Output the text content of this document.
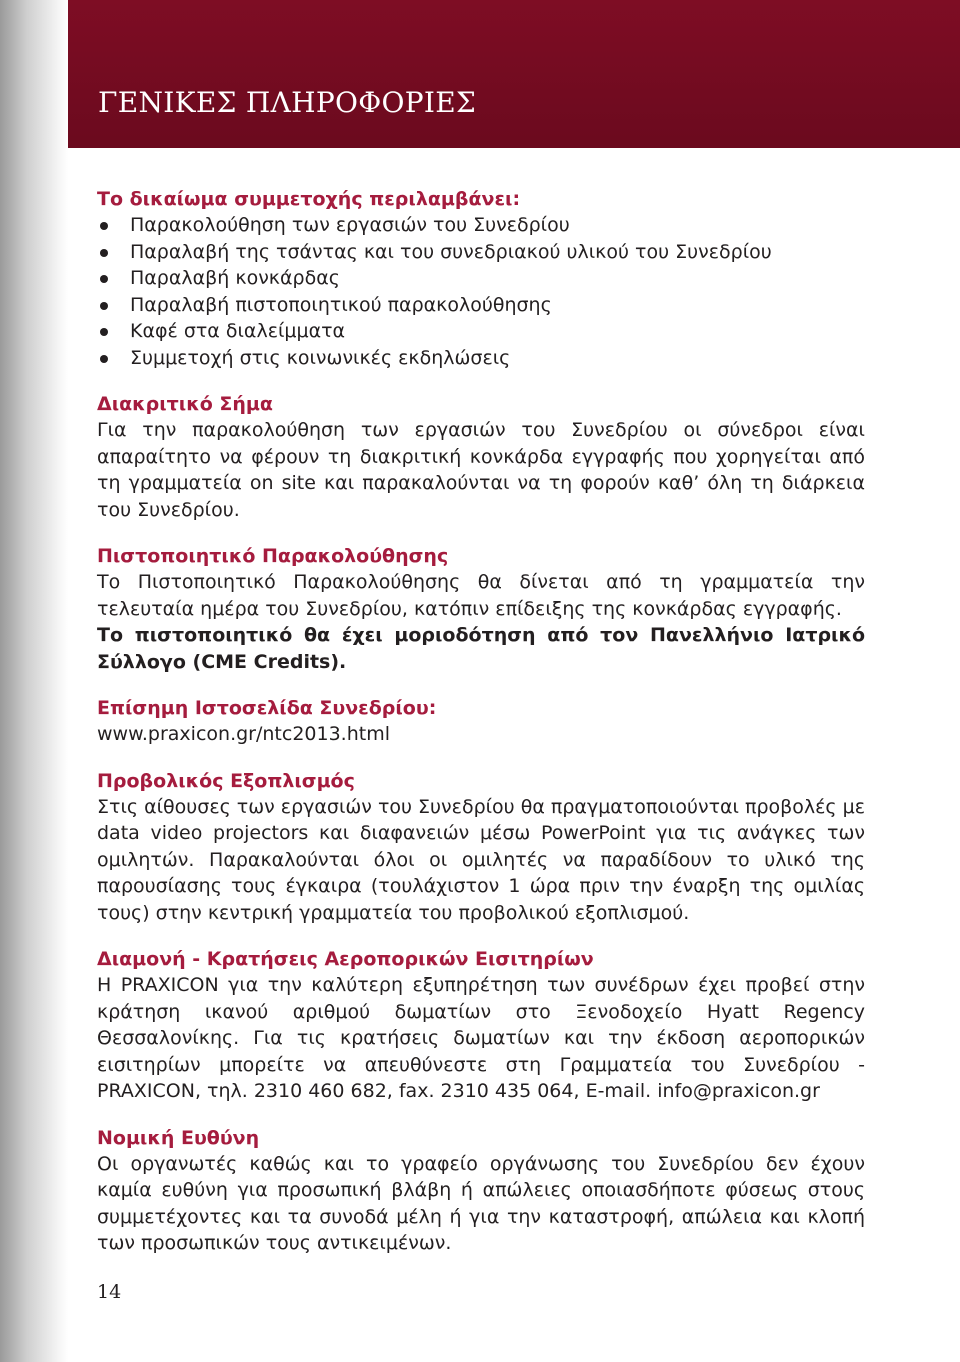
ΓΕΝΙΚΕΣ ΠΛΗΡΟΦΟΡΙΕΣ

Το δικαίωμα συμμετοχής περιλαμβάνει:

Παρακολούθηση των εργασιών του Συνεδρίου
Παραλαβή της τσάντας και του συνεδριακού υλικού του Συνεδρίου
Παραλαβή κονκάρδας
Παραλαβή πιστοποιητικού παρακολούθησης
Καφέ στα διαλείμματα
Συμμετοχή στις κοινωνικές εκδηλώσεις

Διακριτικό Σήμα

Για την παρακολούθηση των εργασιών του Συνεδρίου οι σύνεδροι είναι απαραίτητο να φέρουν τη διακριτική κονκάρδα εγγραφής που χορηγείται από τη γραμματεία on site και παρακαλούνται να τη φορούν καθ’ όλη τη διάρκεια του Συνεδρίου.

Πιστοποιητικό Παρακολούθησης

Το Πιστοποιητικό Παρακολούθησης θα δίνεται από τη γραμματεία την τελευταία ημέρα του Συνεδρίου, κατόπιν επίδειξης της κονκάρδας εγγραφής.

Το πιστοποιητικό θα έχει μοριοδότηση από τον Πανελλήνιο Ιατρικό Σύλλογο (CME Credits).

Επίσημη Ιστοσελίδα Συνεδρίου:

www.praxicon.gr/ntc2013.html

Προβολικός Εξοπλισμός

Στις αίθουσες των εργασιών του Συνεδρίου θα πραγματοποιούνται προβολές με data video projectors και διαφανειών μέσω PowerPoint για τις ανάγκες των ομιλητών. Παρακαλούνται όλοι οι ομιλητές να παραδίδουν το υλικό της παρουσίασης τους έγκαιρα (τουλάχιστον 1 ώρα πριν την έναρξη της ομιλίας τους) στην κεντρική γραμματεία του προβολικού εξοπλισμού.

Διαμονή - Κρατήσεις Αεροπορικών Εισιτηρίων

Η PRAXICON για την καλύτερη εξυπηρέτηση των συνέδρων έχει προβεί στην κράτηση ικανού αριθμού δωματίων στο Ξενοδοχείο Hyatt Regency Θεσσαλονίκης. Για τις κρατήσεις δωματίων και την έκδοση αεροπορικών εισιτηρίων μπορείτε να απευθύνεστε στη Γραμματεία του Συνεδρίου - PRAXICON, τηλ. 2310 460 682, fax. 2310 435 064, E-mail. info@praxicon.gr

Νομική Ευθύνη

Οι οργανωτές καθώς και το γραφείο οργάνωσης του Συνεδρίου δεν έχουν καμία ευθύνη για προσωπική βλάβη ή απώλειες οποιασδήποτε φύσεως στους συμμετέχοντες και τα συνοδά μέλη ή για την καταστροφή, απώλεια και κλοπή των προσωπικών τους αντικειμένων.

14
